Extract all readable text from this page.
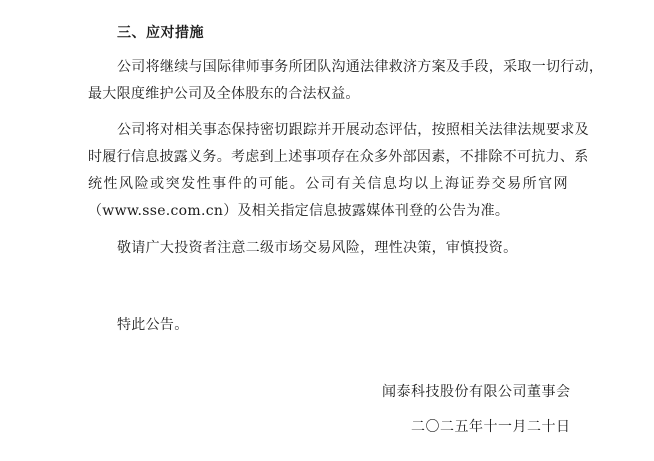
三、应对措施
公司将继续与国际律师事务所团队沟通法律救济方案及手段，采取一切行动，
最大限度维护公司及全体股东的合法权益。
公司将对相关事态保持密切跟踪并开展动态评估，按照相关法律法规要求及
时履行信息披露义务。考虑到上述事项存在众多外部因素，不排除不可抗力、系
统性风险或突发性事件的可能。公司有关信息均以上海证券交易所官网
（www.sse.com.cn）及相关指定信息披露媒体刊登的公告为准。
敬请广大投资者注意二级市场交易风险，理性决策，审慎投资。
特此公告。
闻泰科技股份有限公司董事会
二〇二五年十一月二十日
